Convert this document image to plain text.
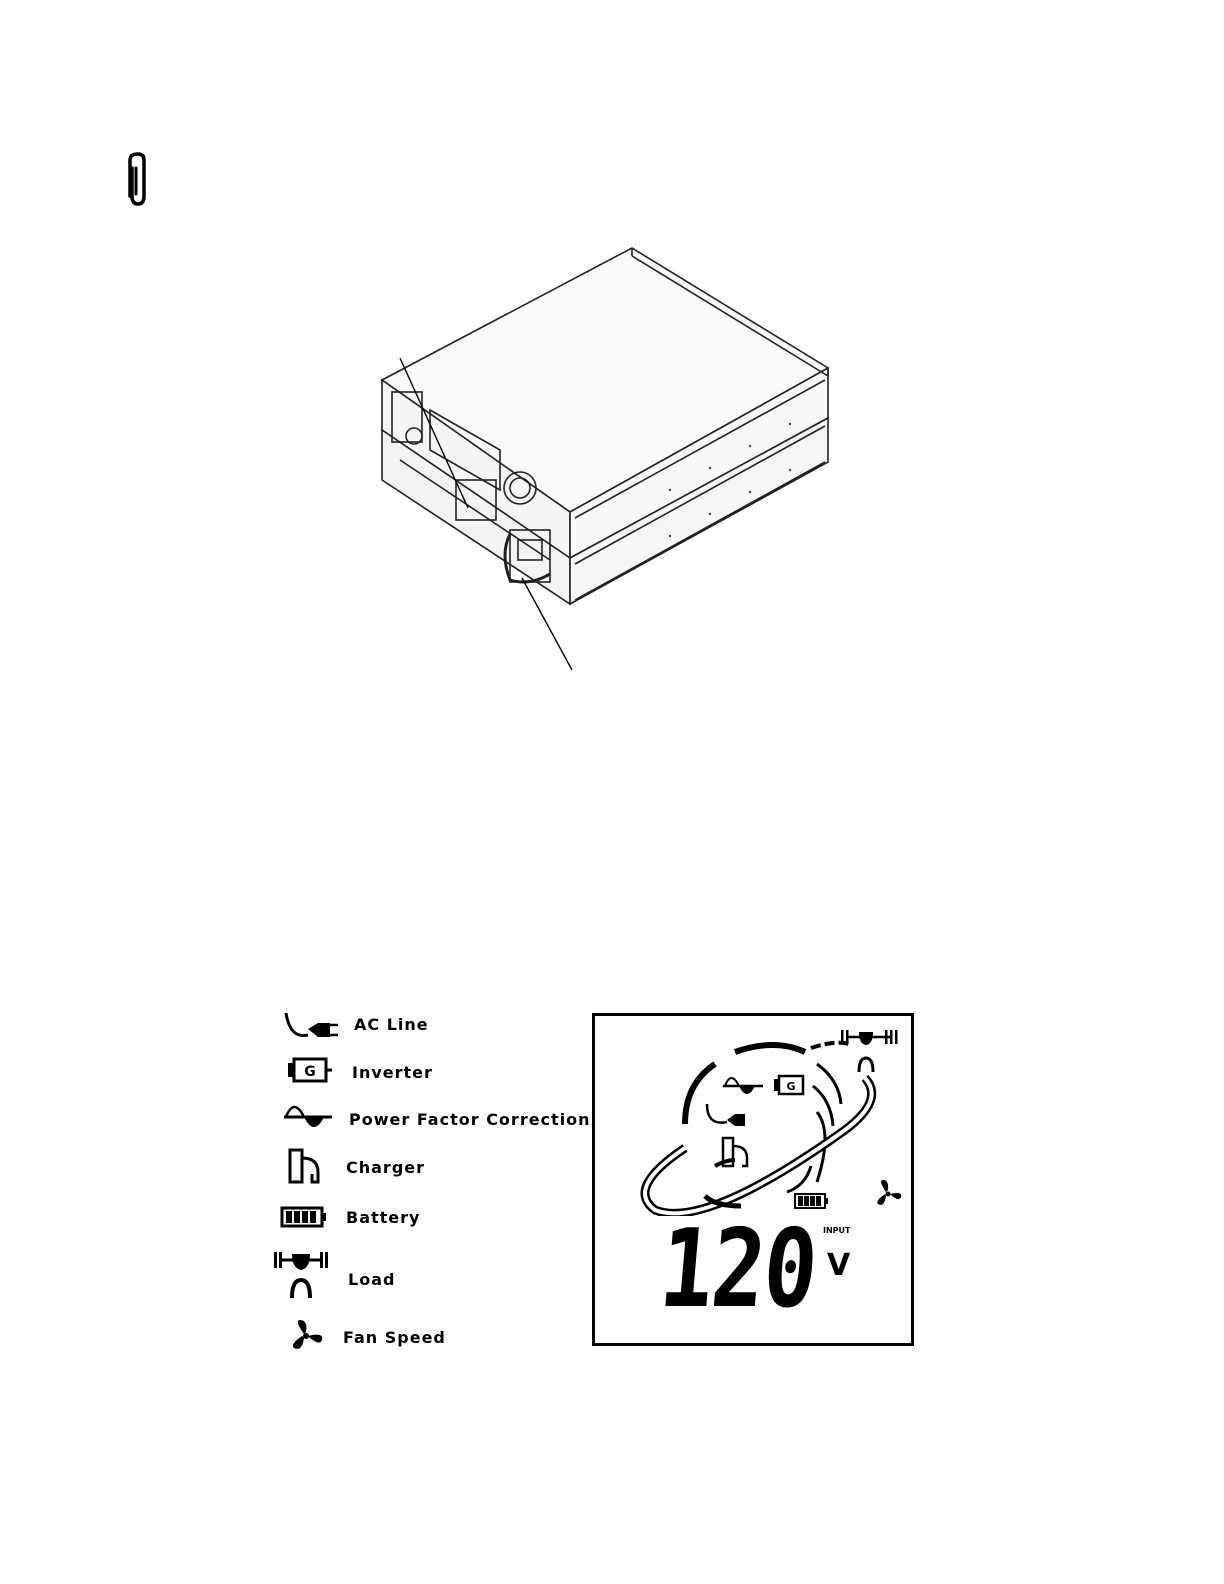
AC Line
G Inverter
Power Factor Correction
Charger
Battery
Load
Fan Speed
G
INPUT
120 V
